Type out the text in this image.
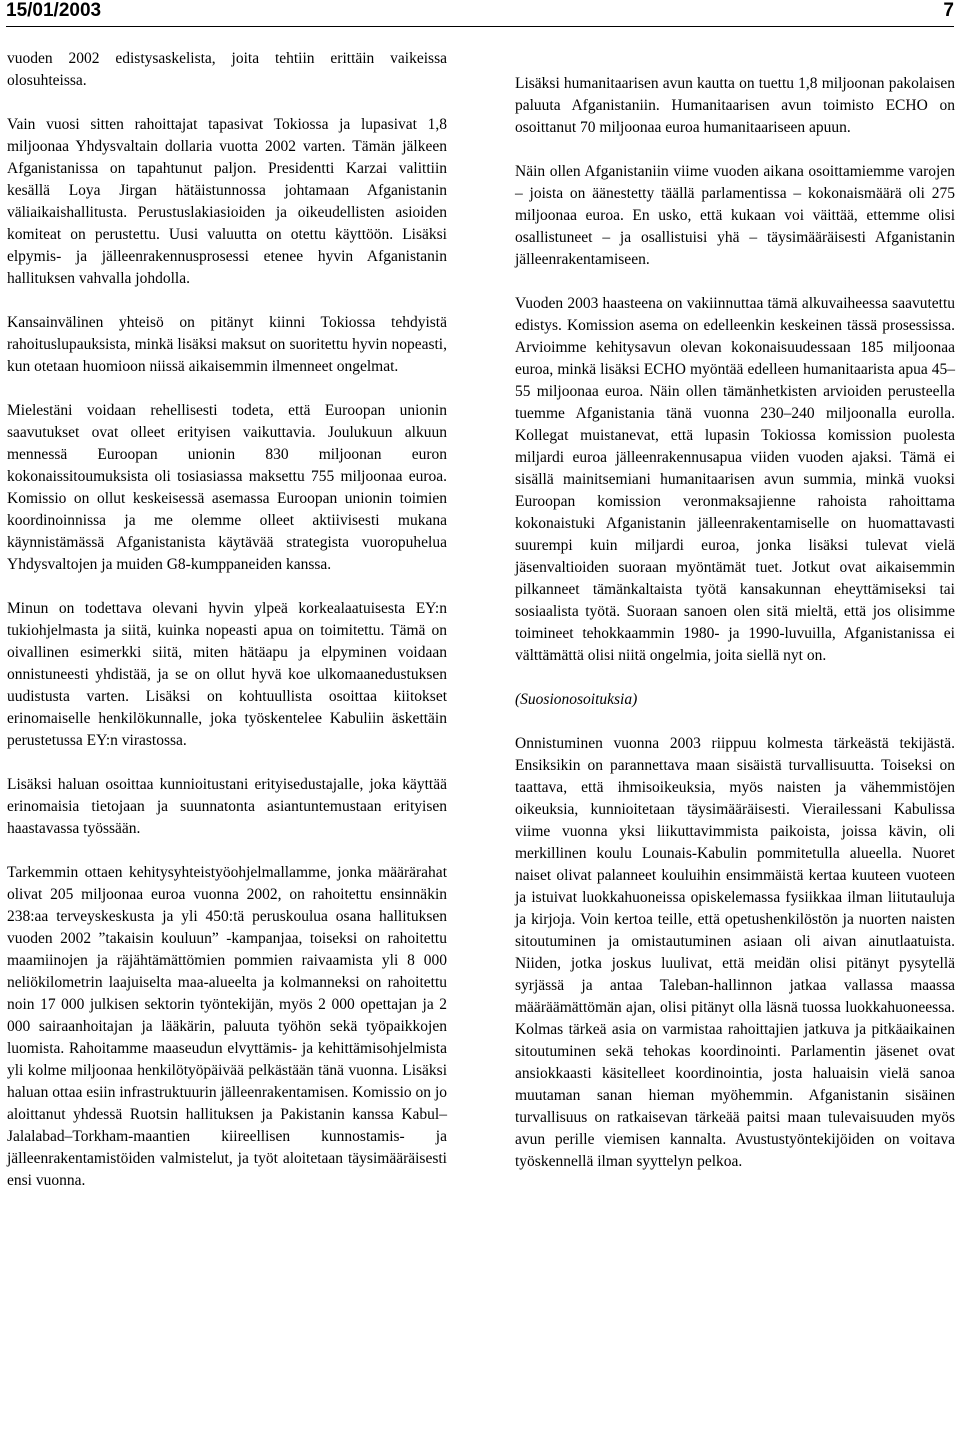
15/01/2003	7

vuoden 2002 edistysaskelista, joita tehtiin erittäin vaikeissa olosuhteissa.

Vain vuosi sitten rahoittajat tapasivat Tokiossa ja lupasivat 1,8 miljoonaa Yhdysvaltain dollaria vuotta 2002 varten. Tämän jälkeen Afganistanissa on tapahtunut paljon. Presidentti Karzai valittiin kesällä Loya Jirgan hätäistunnossa johtamaan Afganistanin väliaikaishallitusta. Perustuslakiasioiden ja oikeudellisten asioiden komiteat on perustettu. Uusi valuutta on otettu käyttöön. Lisäksi elpymis- ja jälleenrakennusprosessi etenee hyvin Afganistanin hallituksen vahvalla johdolla.

Kansainvälinen yhteisö on pitänyt kiinni Tokiossa tehdyistä rahoituslupauksista, minkä lisäksi maksut on suoritettu hyvin nopeasti, kun otetaan huomioon niissä aikaisemmin ilmenneet ongelmat.

Mielestäni voidaan rehellisesti todeta, että Euroopan unionin saavutukset ovat olleet erityisen vaikuttavia. Joulukuun alkuun mennessä Euroopan unionin 830 miljoonan euron kokonaissitoumuksista oli tosiasiassa maksettu 755 miljoonaa euroa. Komissio on ollut keskeisessä asemassa Euroopan unionin toimien koordinoinnissa ja me olemme olleet aktiivisesti mukana käynnistämässä Afganistanista käytävää strategista vuoropuhelua Yhdysvaltojen ja muiden G8-kumppaneiden kanssa.

Minun on todettava olevani hyvin ylpeä korkealaatuisesta EY:n tukiohjelmasta ja siitä, kuinka nopeasti apua on toimitettu. Tämä on oivallinen esimerkki siitä, miten hätäapu ja elpyminen voidaan onnistuneesti yhdistää, ja se on ollut hyvä koe ulkomaanedustuksen uudistusta varten. Lisäksi on kohtuullista osoittaa kiitokset erinomaiselle henkilökunnalle, joka työskentelee Kabuliin äskettäin perustetussa EY:n virastossa.

Lisäksi haluan osoittaa kunnioitustani erityisedustajalle, joka käyttää erinomaisia tietojaan ja suunnatonta asiantuntemustaan erityisen haastavassa työssään.

Tarkemmin ottaen kehitysyhteistyöohjelmallamme, jonka määrärahat olivat 205 miljoonaa euroa vuonna 2002, on rahoitettu ensinnäkin 238:aa terveyskeskusta ja yli 450:tä peruskoulua osana hallituksen vuoden 2002 ”takaisin kouluun” -kampanjaa, toiseksi on rahoitettu maamiinojen ja räjähtämättömien pommien raivaamista yli 8 000 neliökilometrin laajuiselta maa-alueelta ja kolmanneksi on rahoitettu noin 17 000 julkisen sektorin työntekijän, myös 2 000 opettajan ja 2 000 sairaanhoitajan ja lääkärin, paluuta työhön sekä työpaikkojen luomista. Rahoitamme maaseudun elvyttämis- ja kehittämisohjelmista yli kolme miljoonaa henkilötyöpäivää pelkästään tänä vuonna. Lisäksi haluan ottaa esiin infrastruktuurin jälleenrakentamisen. Komissio on jo aloittanut yhdessä Ruotsin hallituksen ja Pakistanin kanssa Kabul–Jalalabad–Torkham-maantien kiireellisen kunnostamis- ja jälleenrakentamistöiden valmistelut, ja työt aloitetaan täysimääräisesti ensi vuonna.

Lisäksi humanitaarisen avun kautta on tuettu 1,8 miljoonan pakolaisen paluuta Afganistaniin. Humanitaarisen avun toimisto ECHO on osoittanut 70 miljoonaa euroa humanitaariseen apuun.

Näin ollen Afganistaniin viime vuoden aikana osoittamiemme varojen – joista on äänestetty täällä parlamentissa – kokonaismäärä oli 275 miljoonaa euroa. En usko, että kukaan voi väittää, ettemme olisi osallistuneet – ja osallistuisi yhä – täysimääräisesti Afganistanin jälleenrakentamiseen.

Vuoden 2003 haasteena on vakiinnuttaa tämä alkuvaiheessa saavutettu edistys. Komission asema on edelleenkin keskeinen tässä prosessissa. Arvioimme kehitysavun olevan kokonaisuudessaan 185 miljoonaa euroa, minkä lisäksi ECHO myöntää edelleen humanitaarista apua 45–55 miljoonaa euroa. Näin ollen tämänhetkisten arvioiden perusteella tuemme Afganistania tänä vuonna 230–240 miljoonalla eurolla. Kollegat muistanevat, että lupasin Tokiossa komission puolesta miljardi euroa jälleenrakennusapua viiden vuoden ajaksi. Tämä ei sisällä mainitsemiani humanitaarisen avun summia, minkä vuoksi Euroopan komission veronmaksajienne rahoista rahoittama kokonaistuki Afganistanin jälleenrakentamiselle on huomattavasti suurempi kuin miljardi euroa, jonka lisäksi tulevat vielä jäsenvaltioiden suoraan myöntämät tuet. Jotkut ovat aikaisemmin pilkanneet tämänkaltaista työtä kansakunnan eheyttämiseksi tai sosiaalista työtä. Suoraan sanoen olen sitä mieltä, että jos olisimme toimineet tehokkaammin 1980- ja 1990-luvuilla, Afganistanissa ei välttämättä olisi niitä ongelmia, joita siellä nyt on.

(Suosionosoituksia)

Onnistuminen vuonna 2003 riippuu kolmesta tärkeästä tekijästä. Ensiksikin on parannettava maan sisäistä turvallisuutta. Toiseksi on taattava, että ihmisoikeuksia, myös naisten ja vähemmistöjen oikeuksia, kunnioitetaan täysimääräisesti. Vierailessani Kabulissa viime vuonna yksi liikuttavimmista paikoista, joissa kävin, oli merkillinen koulu Lounais-Kabulin pommitetulla alueella. Nuoret naiset olivat palanneet kouluihin ensimmäistä kertaa kuuteen vuoteen ja istuivat luokkahuoneissa opiskelemassa fysiikkaa ilman liitutauluja ja kirjoja. Voin kertoa teille, että opetushenkilöstön ja nuorten naisten sitoutuminen ja omistautuminen asiaan oli aivan ainutlaatuista. Niiden, jotka joskus luulivat, että meidän olisi pitänyt pysytellä syrjässä ja antaa Taleban-hallinnon jatkaa vallassa maassa määräämättömän ajan, olisi pitänyt olla läsnä tuossa luokkahuoneessa. Kolmas tärkeä asia on varmistaa rahoittajien jatkuva ja pitkäaikainen sitoutuminen sekä tehokas koordinointi. Parlamentin jäsenet ovat ansiokkaasti käsitelleet koordinointia, josta haluaisin vielä sanoa muutaman sanan hieman myöhemmin. Afganistanin sisäinen turvallisuus on ratkaisevan tärkeää paitsi maan tulevaisuuden myös avun perille viemisen kannalta. Avustustyöntekijöiden on voitava työskennellä ilman syyttelyn pelkoa.
